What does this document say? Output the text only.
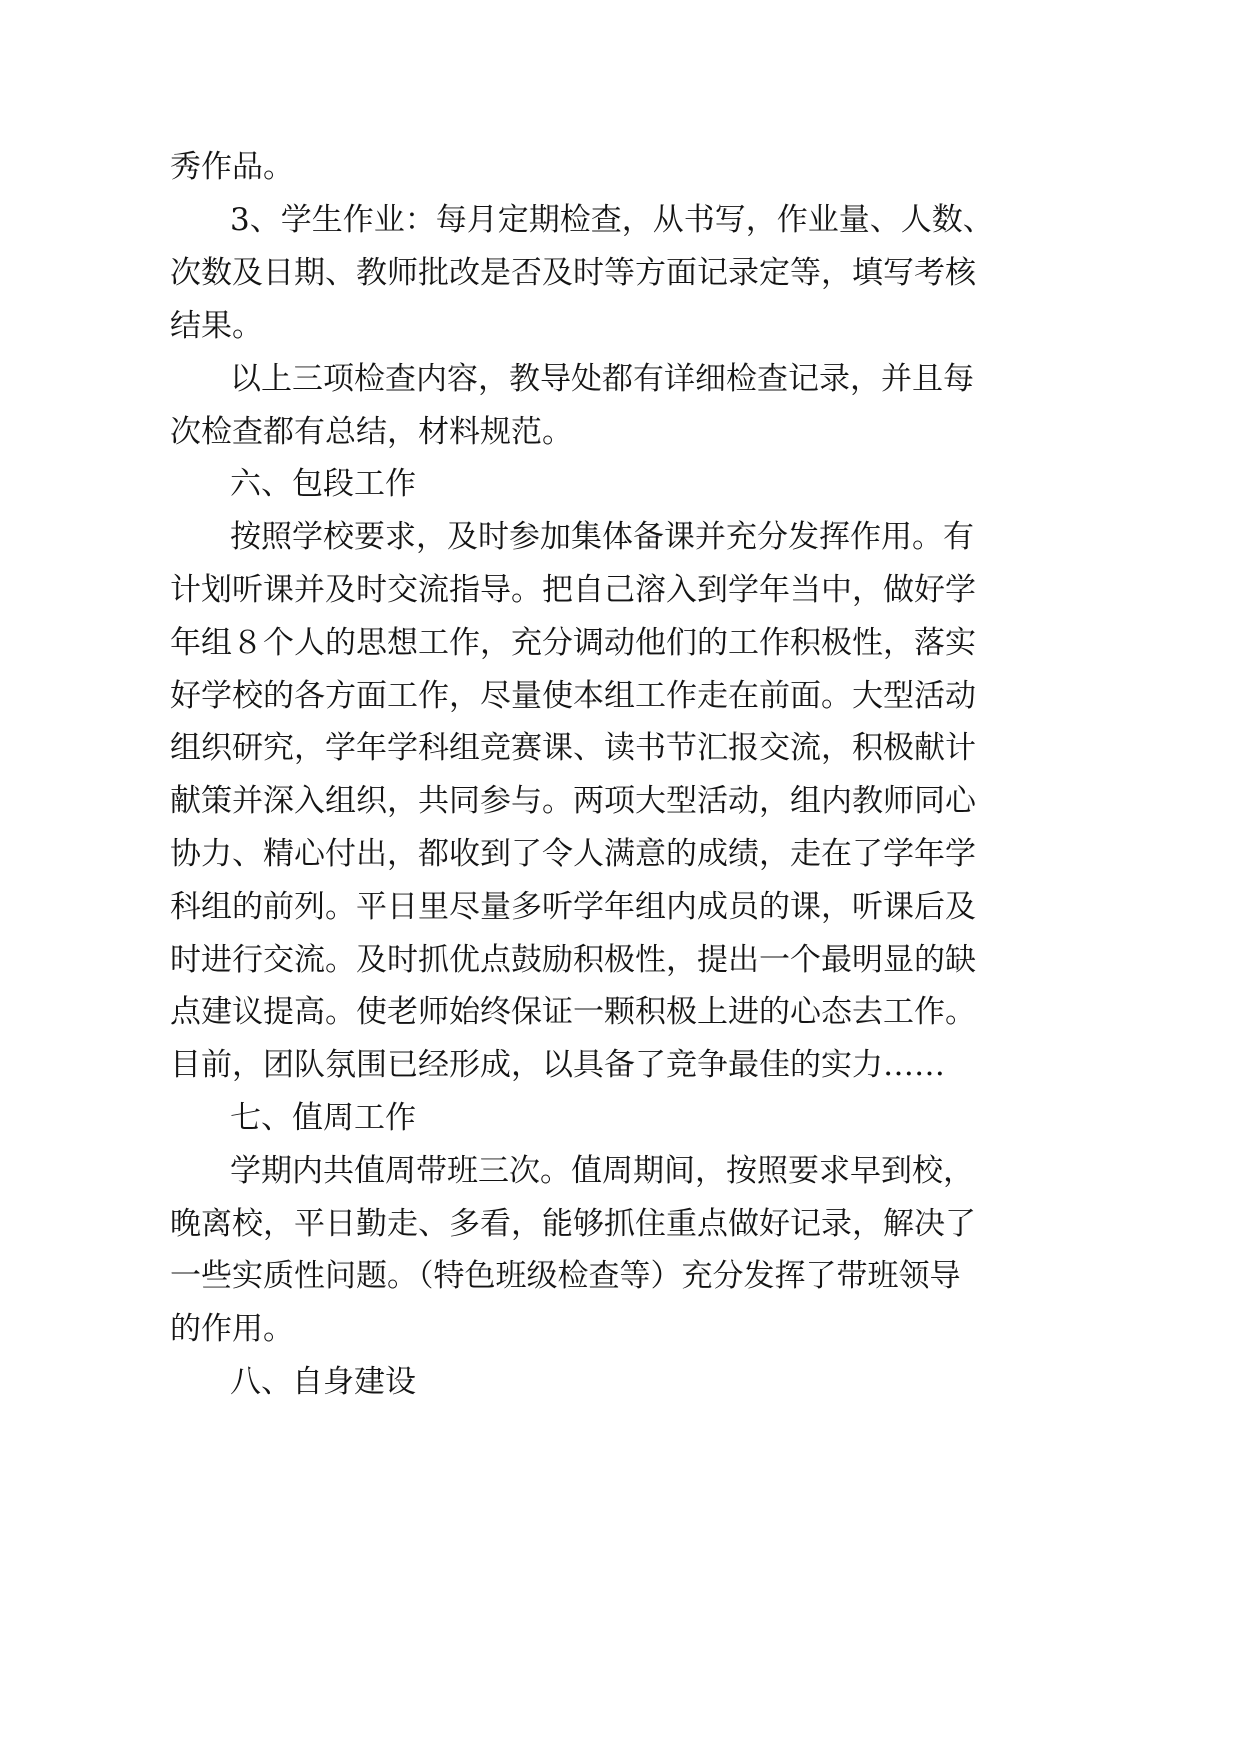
秀作品。

3、学生作业：每月定期检查，从书写，作业量、人数、

次数及日期、教师批改是否及时等方面记录定等，填写考核

结果。

以上三项检查内容，教导处都有详细检查记录，并且每

次检查都有总结，材料规范。

六、包段工作

按照学校要求，及时参加集体备课并充分发挥作用。有

计划听课并及时交流指导。把自己溶入到学年当中，做好学

年组８个人的思想工作，充分调动他们的工作积极性，落实

好学校的各方面工作，尽量使本组工作走在前面。大型活动

组织研究，学年学科组竞赛课、读书节汇报交流，积极献计

献策并深入组织，共同参与。两项大型活动，组内教师同心

协力、精心付出，都收到了令人满意的成绩，走在了学年学

科组的前列。平日里尽量多听学年组内成员的课，听课后及

时进行交流。及时抓优点鼓励积极性，提出一个最明显的缺

点建议提高。使老师始终保证一颗积极上进的心态去工作。

目前，团队氛围已经形成，以具备了竞争最佳的实力……

七、值周工作

学期内共值周带班三次。值周期间，按照要求早到校，

晚离校，平日勤走、多看，能够抓住重点做好记录，解决了

一些实质性问题。（特色班级检查等）充分发挥了带班领导

的作用。

八、自身建设
